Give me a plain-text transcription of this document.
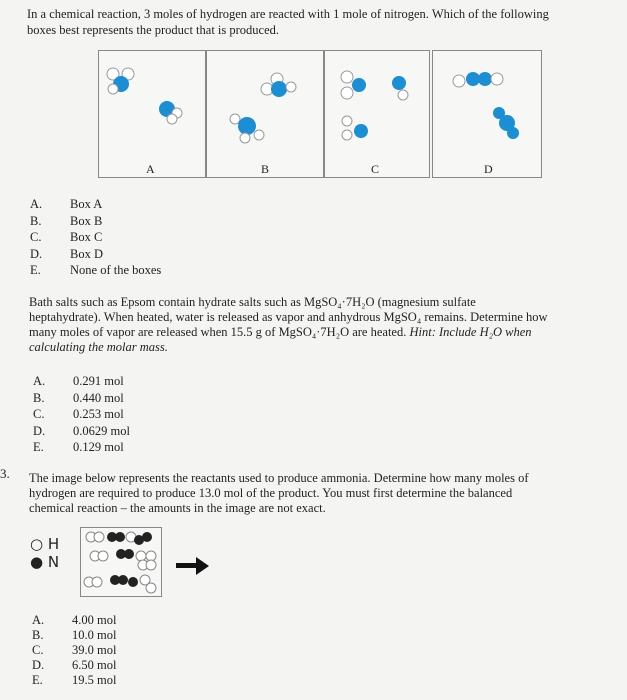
In a chemical reaction, 3 moles of hydrogen are reacted with 1 mole of nitrogen. Which of the following boxes best represents the product that is produced.
A	B	C	D
A. Box A
B. Box B
C. Box C
D. Box D
E. None of the boxes
Bath salts such as Epsom contain hydrate salts such as MgSO₄·7H₂O (magnesium sulfate heptahydrate). When heated, water is released as vapor and anhydrous MgSO₄ remains. Determine how many moles of vapor are released when 15.5 g of MgSO₄·7H₂O are heated. Hint: Include H₂O when calculating the molar mass.
A. 0.291 mol
B. 0.440 mol
C. 0.253 mol
D. 0.0629 mol
E. 0.129 mol
3. The image below represents the reactants used to produce ammonia. Determine how many moles of hydrogen are required to produce 13.0 mol of the product. You must first determine the balanced chemical reaction – the amounts in the image are not exact.
○ H
● N
A. 4.00 mol
B. 10.0 mol
C. 39.0 mol
D. 6.50 mol
E. 19.5 mol
